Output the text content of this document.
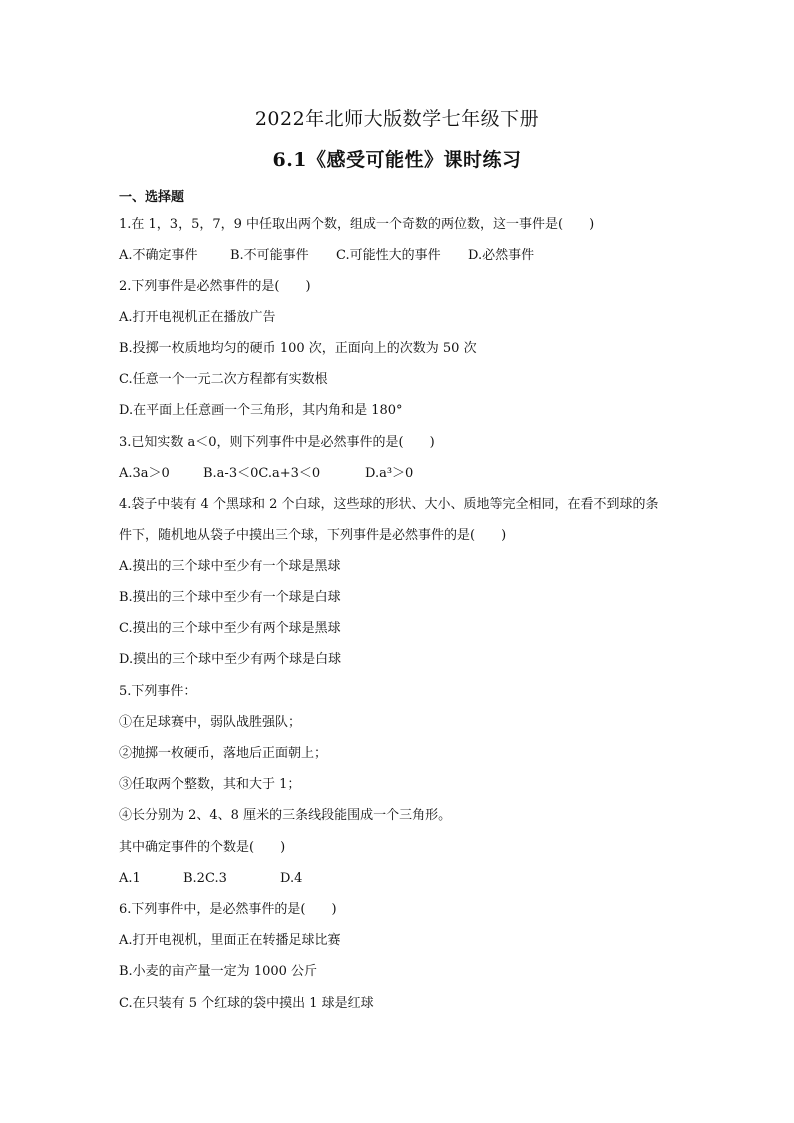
2022年北师大版数学七年级下册
6.1《感受可能性》课时练习
一、选择题
1.在 1，3，5，7，9 中任取出两个数，组成一个奇数的两位数，这一事件是(　　)
A.不确定事件 B.不可能事件 C.可能性大的事件 D.必然事件
2.下列事件是必然事件的是(　　)
A.打开电视机正在播放广告
B.投掷一枚质地均匀的硬币 100 次，正面向上的次数为 50 次
C.任意一个一元二次方程都有实数根
D.在平面上任意画一个三角形，其内角和是 180°
3.已知实数 a＜0，则下列事件中是必然事件的是(　　)
A.3a＞0	B.a-3＜0C.a+3＜0	D.a³＞0
4.袋子中装有 4 个黑球和 2 个白球，这些球的形状、大小、质地等完全相同，在看不到球的条
件下，随机地从袋子中摸出三个球，下列事件是必然事件的是(　　)
A.摸出的三个球中至少有一个球是黑球
B.摸出的三个球中至少有一个球是白球
C.摸出的三个球中至少有两个球是黑球
D.摸出的三个球中至少有两个球是白球
5.下列事件：
①在足球赛中，弱队战胜强队；
②抛掷一枚硬币，落地后正面朝上；
③任取两个整数，其和大于 1；
④长分别为 2、4、8 厘米的三条线段能围成一个三角形。
其中确定事件的个数是(　　)
A.1	B.2C.3	D.4
6.下列事件中，是必然事件的是(　　)
A.打开电视机，里面正在转播足球比赛
B.小麦的亩产量一定为 1000 公斤
C.在只装有 5 个红球的袋中摸出 1 球是红球
